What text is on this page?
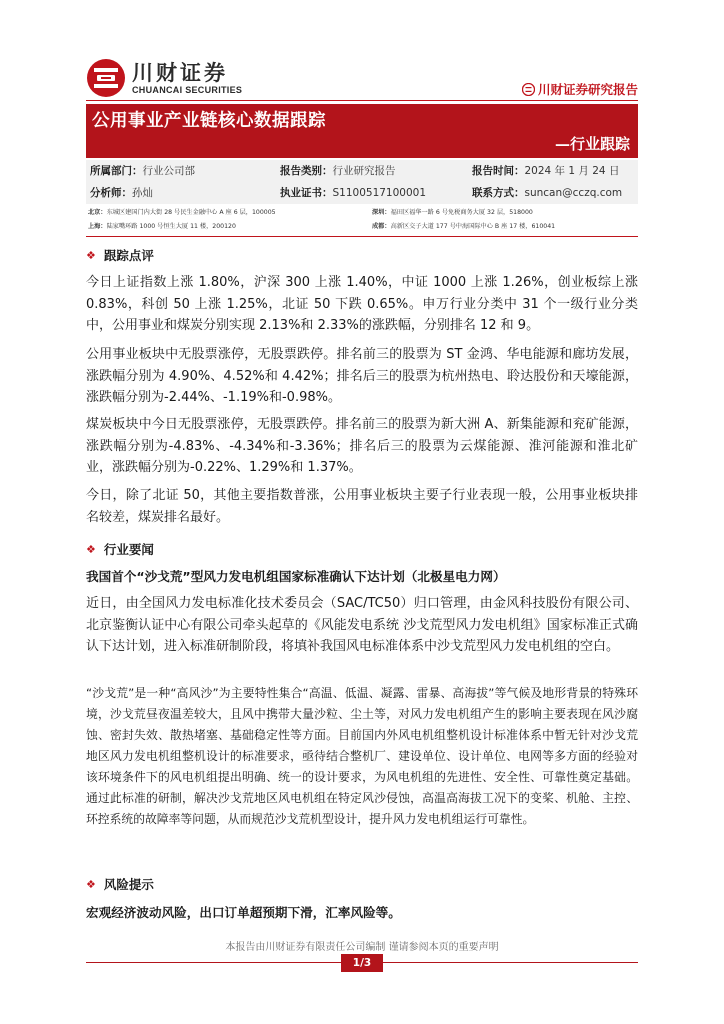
川财证券
CHUANCAI SECURITIES	川财证券研究报告
公用事业产业链核心数据跟踪
—行业跟踪
所属部门：行业公司部	报告类别：行业研究报告	报告时间：2024 年 1 月 24 日
分析师：孙灿	执业证书：S1100517100001	联系方式：suncan@cczq.com
北京：东城区建国门内大街 28 号民生金融中心 A 座 6 层，100005	深圳：福田区福华一路 6 号免税商务大厦 32 层，518000
上海：陆家嘴环路 1000 号恒生大厦 11 楼，200120	成都：高新区交子大道 177 号中海国际中心 B 座 17 楼，610041
❖ 跟踪点评
今日上证指数上涨 1.80%，沪深 300 上涨 1.40%，中证 1000 上涨 1.26%，创业板综上涨 0.83%，科创 50 上涨 1.25%，北证 50 下跌 0.65%。申万行业分类中 31 个一级行业分类中，公用事业和煤炭分别实现 2.13%和 2.33%的涨跌幅，分别排名 12 和 9。
公用事业板块中无股票涨停，无股票跌停。排名前三的股票为 ST 金鸿、华电能源和廊坊发展，涨跌幅分别为 4.90%、4.52%和 4.42%；排名后三的股票为杭州热电、聆达股份和天壕能源，涨跌幅分别为-2.44%、-1.19%和-0.98%。
煤炭板块中今日无股票涨停，无股票跌停。排名前三的股票为新大洲 A、新集能源和兖矿能源，涨跌幅分别为-4.83%、-4.34%和-3.36%；排名后三的股票为云煤能源、淮河能源和淮北矿业，涨跌幅分别为-0.22%、1.29%和 1.37%。
今日，除了北证 50，其他主要指数普涨，公用事业板块主要子行业表现一般，公用事业板块排名较差，煤炭排名最好。
❖ 行业要闻
我国首个“沙戈荒”型风力发电机组国家标准确认下达计划（北极星电力网）
近日，由全国风力发电标准化技术委员会（SAC/TC50）归口管理，由金风科技股份有限公司、北京鉴衡认证中心有限公司牵头起草的《风能发电系统 沙戈荒型风力发电机组》国家标准正式确认下达计划，进入标准研制阶段，将填补我国风电标准体系中沙戈荒型风力发电机组的空白。
“沙戈荒”是一种“高风沙”为主要特性集合“高温、低温、凝露、雷暴、高海拔”等气候及地形背景的特殊环境，沙戈荒昼夜温差较大，且风中携带大量沙粒、尘土等，对风力发电机组产生的影响主要表现在风沙腐蚀、密封失效、散热堵塞、基础稳定性等方面。目前国内外风电机组整机设计标准体系中暂无针对沙戈荒地区风力发电机组整机设计的标准要求，亟待结合整机厂、建设单位、设计单位、电网等多方面的经验对该环境条件下的风电机组提出明确、统一的设计要求，为风电机组的先进性、安全性、可靠性奠定基础。通过此标准的研制，解决沙戈荒地区风电机组在特定风沙侵蚀，高温高海拔工况下的变桨、机舱、主控、环控系统的故障率等问题，从而规范沙戈荒机型设计，提升风力发电机组运行可靠性。
❖ 风险提示
宏观经济波动风险，出口订单超预期下滑，汇率风险等。
本报告由川财证券有限责任公司编制 谨请参阅本页的重要声明
1/3
